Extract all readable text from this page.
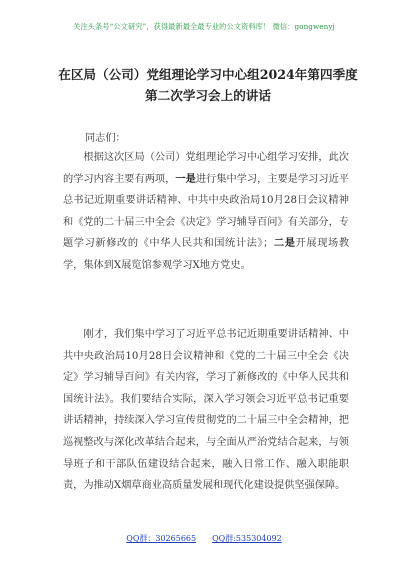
关注头条号“公文研究”，获得最新最全最专业的公文资料库！ 微信：gongwenyj
在区局（公司）党组理论学习中心组2024年第四季度第二次学习会上的讲话
同志们：
根据这次区局（公司）党组理论学习中心组学习安排，此次的学习内容主要有两项，一是进行集中学习，主要是学习习近平总书记近期重要讲话精神、中共中央政治局10月28日会议精神和《党的二十届三中全会《决定》学习辅导百问》有关部分，专题学习新修改的《中华人民共和国统计法》；二是开展现场教学，集体到X展览馆参观学习X地方党史。
刚才，我们集中学习了习近平总书记近期重要讲话精神、中共中央政治局10月28日会议精神和《党的二十届三中全会《决定》学习辅导百问》有关内容，学习了新修改的《中华人民共和国统计法》。我们要结合实际，深入学习领会习近平总书记重要讲话精神，持续深入学习宣传贯彻党的二十届三中全会精神，把巡视整改与深化改革结合起来，与全面从严治党结合起来，与领导班子和干部队伍建设结合起来，融入日常工作、融入职能职责，为推动X烟草商业高质量发展和现代化建设提供坚强保障。
QQ群：30265665 QQ群:535304092
